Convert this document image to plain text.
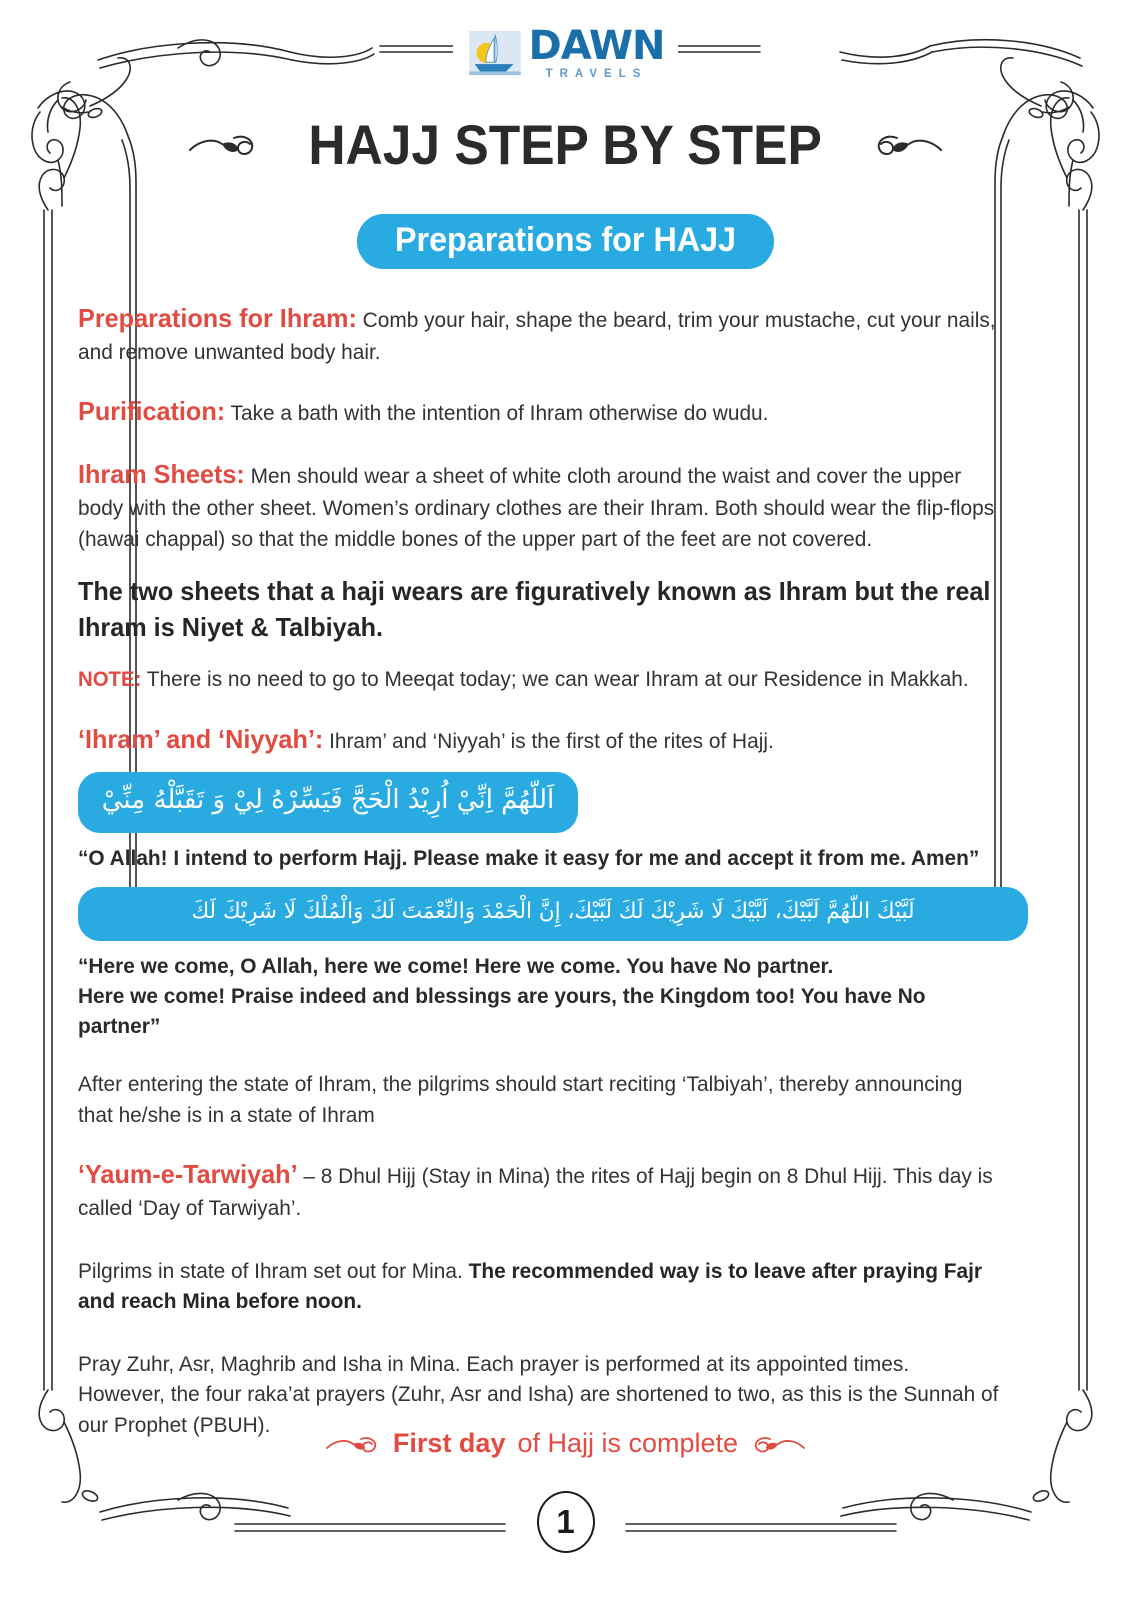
DAWN
TRAVELS
HAJJ STEP BY STEP
Preparations for HAJJ

Preparations for Ihram: Comb your hair, shape the beard, trim your mustache, cut your nails, and remove unwanted body hair.

Purification: Take a bath with the intention of Ihram otherwise do wudu.

Ihram Sheets: Men should wear a sheet of white cloth around the waist and cover the upper body with the other sheet. Women’s ordinary clothes are their Ihram. Both should wear the flip-flops (hawai chappal) so that the middle bones of the upper part of the feet are not covered.

The two sheets that a haji wears are figuratively known as Ihram but the real Ihram is Niyet & Talbiyah.

NOTE: There is no need to go to Meeqat today; we can wear Ihram at our Residence in Makkah.

‘Ihram’ and ‘Niyyah’: Ihram’ and ‘Niyyah’ is the first of the rites of Hajj.

اَللّهُمَّ اِنِّيْ اُرِيْدُ الْحَجَّ فَيَسِّرْهُ لِيْ وَ تَقَبَّلْهُ مِنِّيْ

“O Allah! I intend to perform Hajj. Please make it easy for me and accept it from me. Amen”

لَبَّيْكَ اللّهُمَّ لَبَّيْكَ، لَبَّيْكَ لَا شَرِيْكَ لَكَ لَبَّيْكَ، إِنَّ الْحَمْدَ وَالنِّعْمَتَ لَكَ وَالْمُلْكَ لَا شَرِيْكَ لَكَ

“Here we come, O Allah, here we come! Here we come. You have No partner.
Here we come! Praise indeed and blessings are yours, the Kingdom too! You have No partner”

After entering the state of Ihram, the pilgrims should start reciting ‘Talbiyah’, thereby announcing that he/she is in a state of Ihram

‘Yaum-e-Tarwiyah’ – 8 Dhul Hijj (Stay in Mina) the rites of Hajj begin on 8 Dhul Hijj. This day is called ‘Day of Tarwiyah’.

Pilgrims in state of Ihram set out for Mina. The recommended way is to leave after praying Fajr and reach Mina before noon.

Pray Zuhr, Asr, Maghrib and Isha in Mina. Each prayer is performed at its appointed times. However, the four raka’at prayers (Zuhr, Asr and Isha) are shortened to two, as this is the Sunnah of our Prophet (PBUH).

First day of Hajj is complete
1
